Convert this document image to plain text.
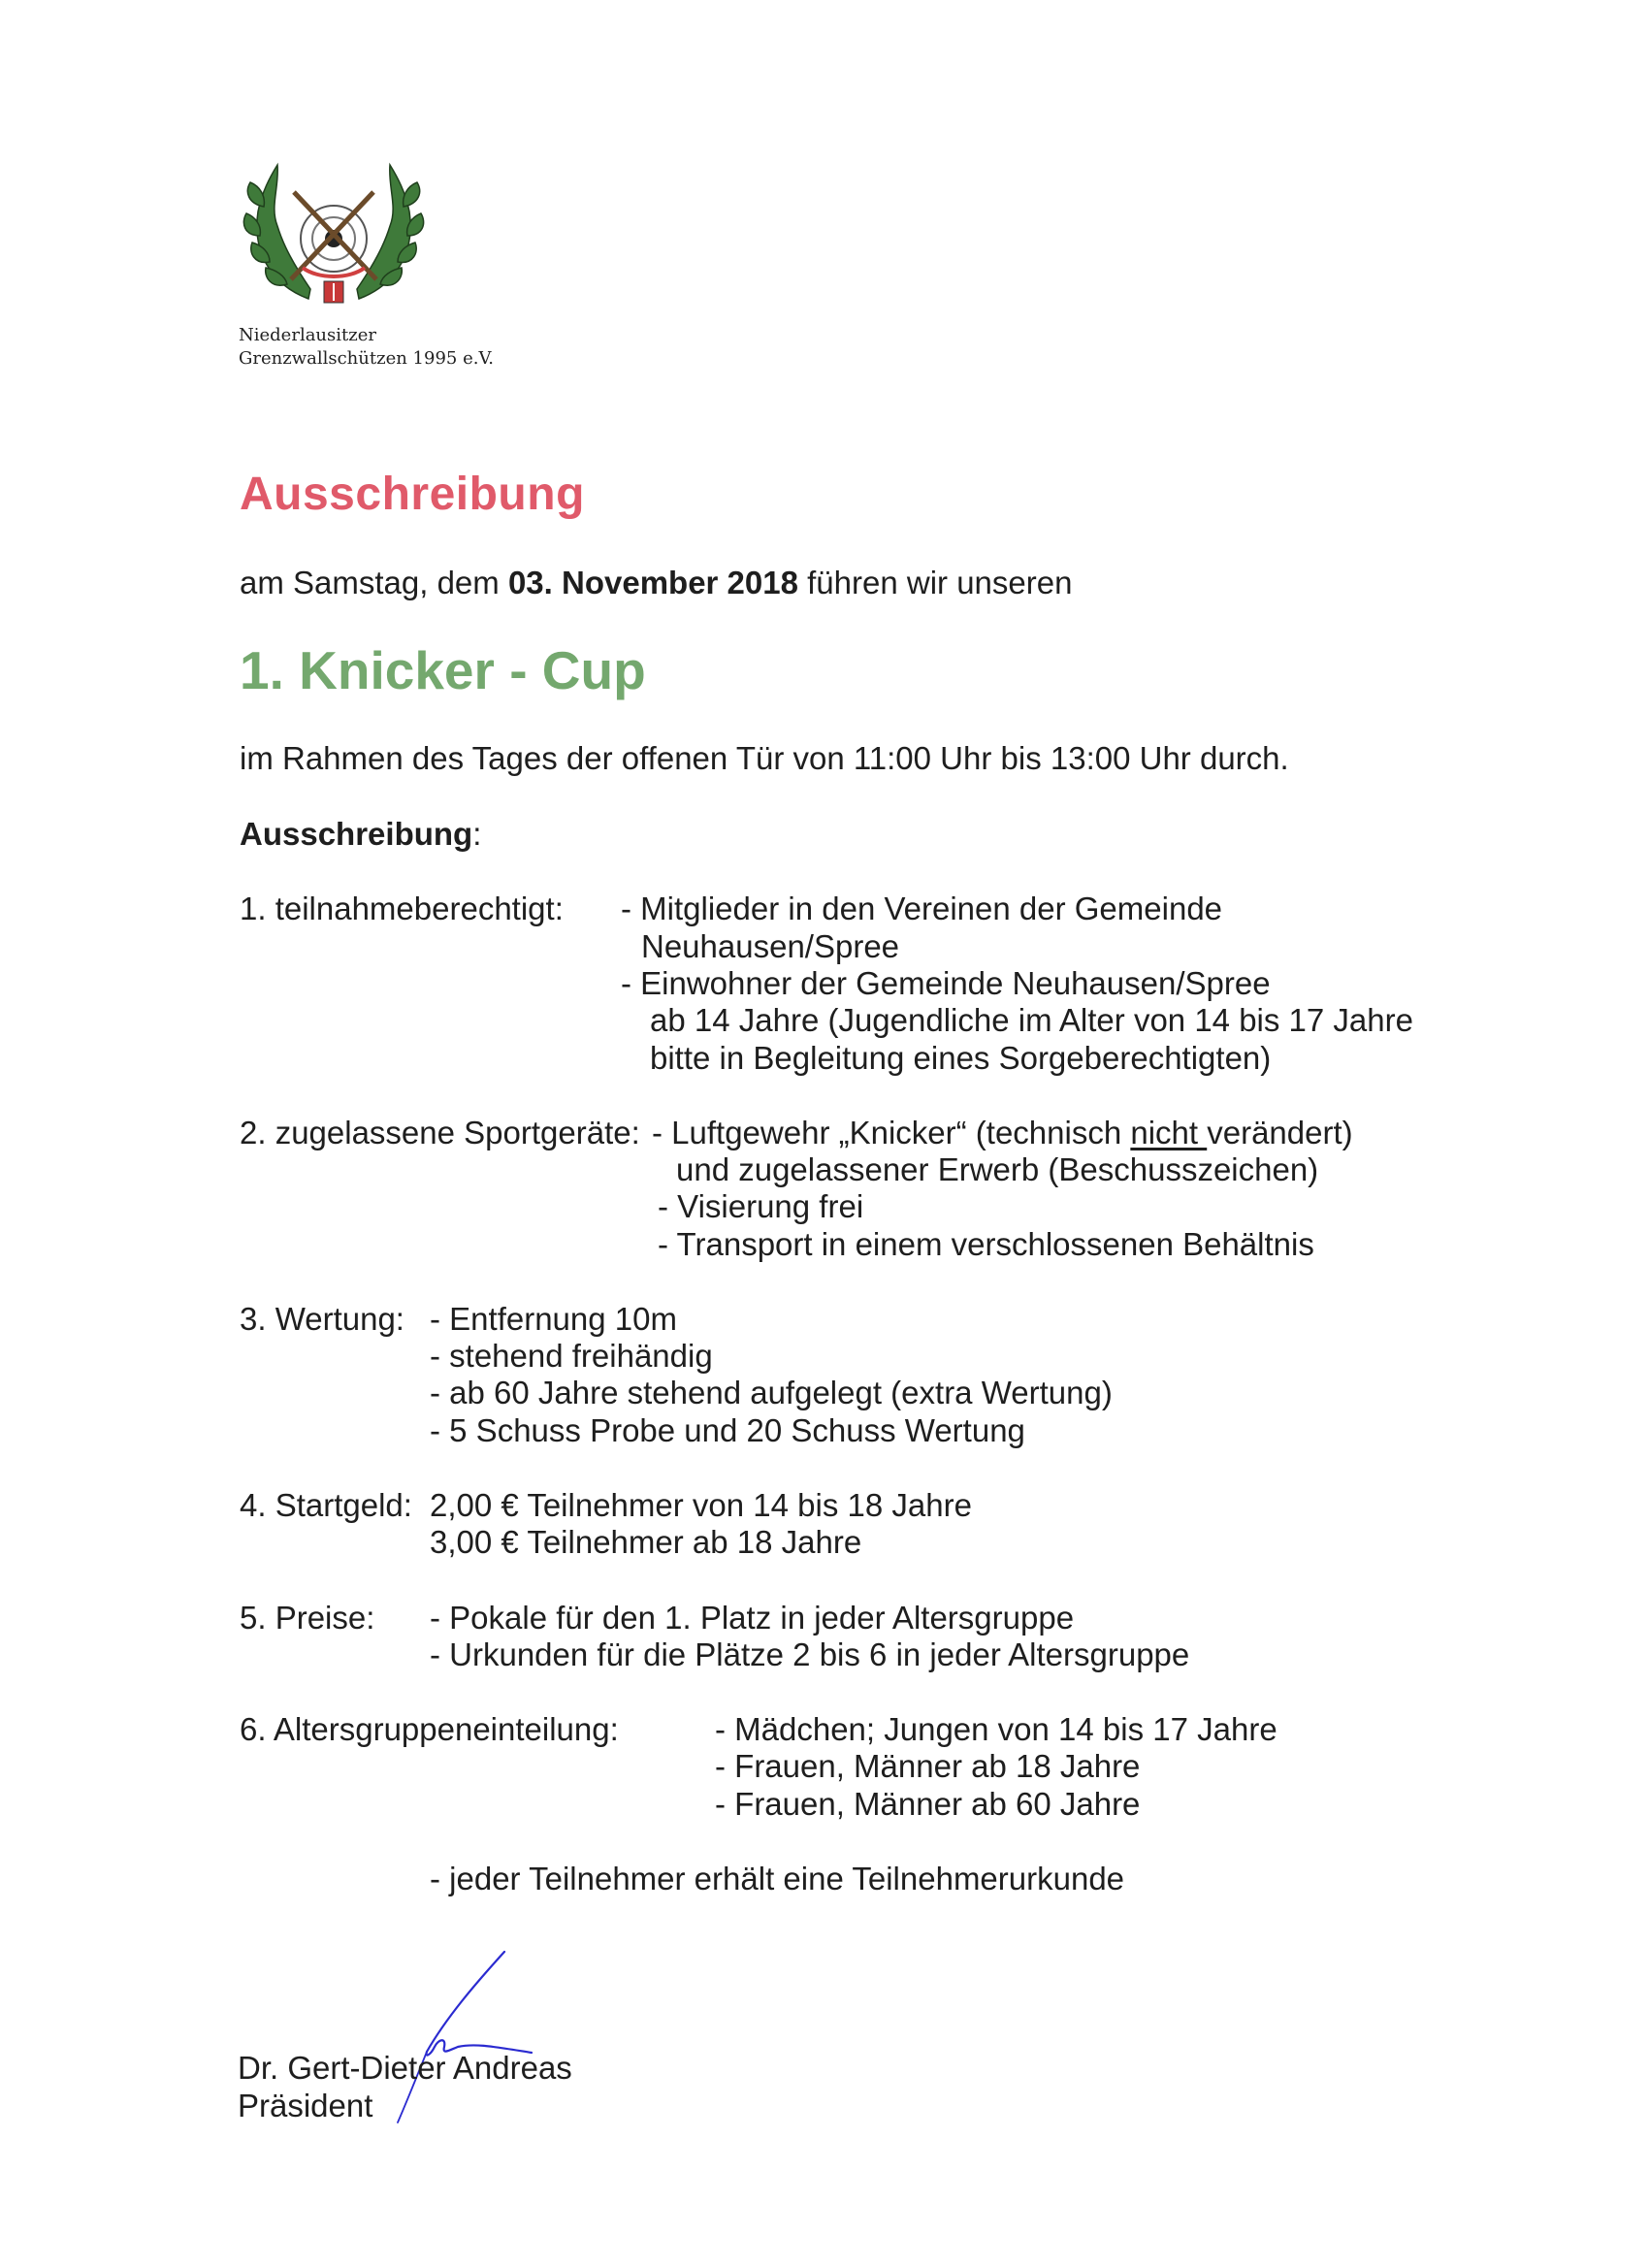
Niederlausitzer
Grenzwallschützen 1995 e.V.
Ausschreibung
am Samstag, dem 03. November 2018 führen wir unseren
1. Knicker - Cup
im Rahmen des Tages der offenen Tür von 11:00 Uhr bis 13:00 Uhr durch.
Ausschreibung:
1. teilnahmeberechtigt: - Mitglieder in den Vereinen der Gemeinde
Neuhausen/Spree
- Einwohner der Gemeinde Neuhausen/Spree
ab 14 Jahre (Jugendliche im Alter von 14 bis 17 Jahre
bitte in Begleitung eines Sorgeberechtigten)
2. zugelassene Sportgeräte: - Luftgewehr „Knicker“ (technisch nicht verändert)
und zugelassener Erwerb (Beschusszeichen)
- Visierung frei
- Transport in einem verschlossenen Behältnis
3. Wertung: - Entfernung 10m
- stehend freihändig
- ab 60 Jahre stehend aufgelegt (extra Wertung)
- 5 Schuss Probe und 20 Schuss Wertung
4. Startgeld: 2,00 € Teilnehmer von 14 bis 18 Jahre
3,00 € Teilnehmer ab 18 Jahre
5. Preise: - Pokale für den 1. Platz in jeder Altersgruppe
- Urkunden für die Plätze 2 bis 6 in jeder Altersgruppe
6. Altersgruppeneinteilung:	- Mädchen; Jungen von 14 bis 17 Jahre
- Frauen, Männer ab 18 Jahre
- Frauen, Männer ab 60 Jahre
- jeder Teilnehmer erhält eine Teilnehmerurkunde
Dr. Gert-Dieter Andreas
Präsident
